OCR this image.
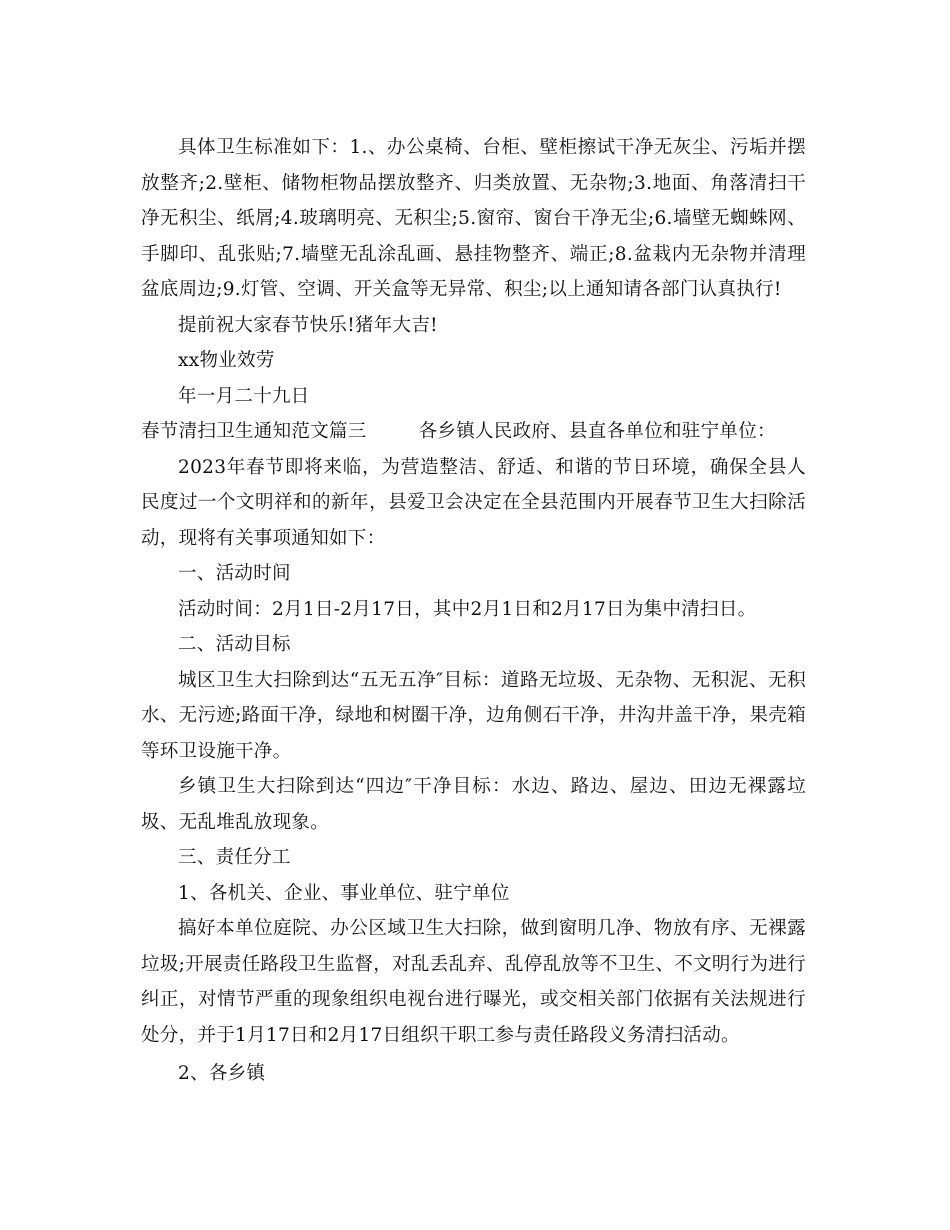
具体卫生标准如下：1.、办公桌椅、台柜、壁柜擦试干净无灰尘、污垢并摆放整齐;2.壁柜、储物柜物品摆放整齐、归类放置、无杂物;3.地面、角落清扫干净无积尘、纸屑;4.玻璃明亮、无积尘;5.窗帘、窗台干净无尘;6.墙壁无蜘蛛网、手脚印、乱张贴;7.墙壁无乱涂乱画、悬挂物整齐、端正;8.盆栽内无杂物并清理盆底周边;9.灯管、空调、开关盒等无异常、积尘;以上通知请各部门认真执行!

提前祝大家春节快乐!猪年大吉!

xx物业效劳

年一月二十九日

春节清扫卫生通知范文篇三	各乡镇人民政府、县直各单位和驻宁单位：

2023年春节即将来临，为营造整洁、舒适、和谐的节日环境，确保全县人民度过一个文明祥和的新年，县爱卫会决定在全县范围内开展春节卫生大扫除活动，现将有关事项通知如下：

一、活动时间

活动时间：2月1日-2月17日，其中2月1日和2月17日为集中清扫日。

二、活动目标

城区卫生大扫除到达“五无五净″目标：道路无垃圾、无杂物、无积泥、无积水、无污迹;路面干净，绿地和树圈干净，边角侧石干净，井沟井盖干净，果壳箱等环卫设施干净。

乡镇卫生大扫除到达“四边″干净目标：水边、路边、屋边、田边无裸露垃圾、无乱堆乱放现象。

三、责任分工

1、各机关、企业、事业单位、驻宁单位

搞好本单位庭院、办公区域卫生大扫除，做到窗明几净、物放有序、无裸露垃圾;开展责任路段卫生监督，对乱丢乱弃、乱停乱放等不卫生、不文明行为进行纠正，对情节严重的现象组织电视台进行曝光，或交相关部门依据有关法规进行处分，并于1月17日和2月17日组织干职工参与责任路段义务清扫活动。

2、各乡镇
